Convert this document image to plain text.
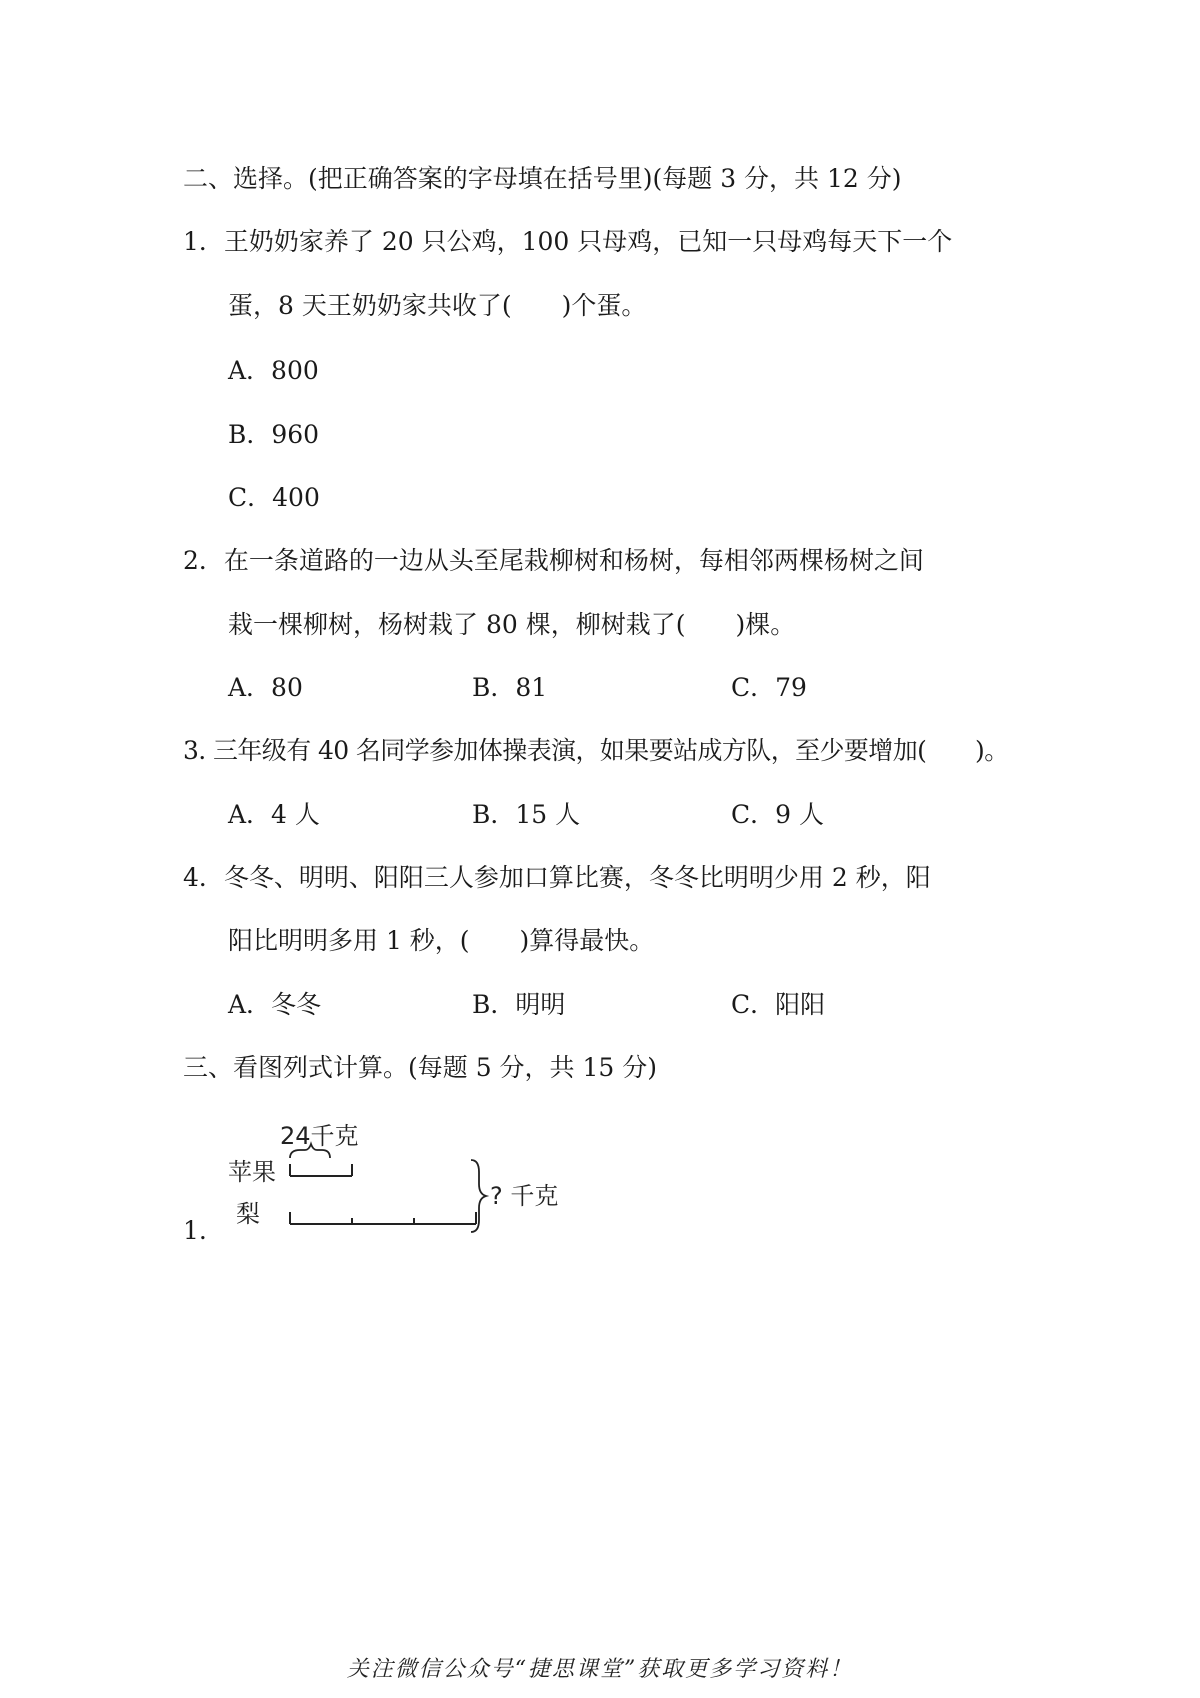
二、选择。(把正确答案的字母填在括号里)(每题 3 分，共 12 分)
1．王奶奶家养了 20 只公鸡，100 只母鸡，已知一只母鸡每天下一个
蛋，8 天王奶奶家共收了(　　)个蛋。
A．800
B．960
C．400
2．在一条道路的一边从头至尾栽柳树和杨树，每相邻两棵杨树之间
栽一棵柳树，杨树栽了 80 棵，柳树栽了(　　)棵。
A．80	B．81	C．79
3. 三年级有 40 名同学参加体操表演，如果要站成方队，至少要增加(　　)。
A．4 人	B．15 人	C．9 人
4．冬冬、明明、阳阳三人参加口算比赛，冬冬比明明少用 2 秒，阳
阳比明明多用 1 秒，(　　)算得最快。
A．冬冬	B．明明	C．阳阳
三、看图列式计算。(每题 5 分，共 15 分)
1.
24千克
苹果
梨
? 千克
关注微信公众号“捷思课堂”获取更多学习资料！
